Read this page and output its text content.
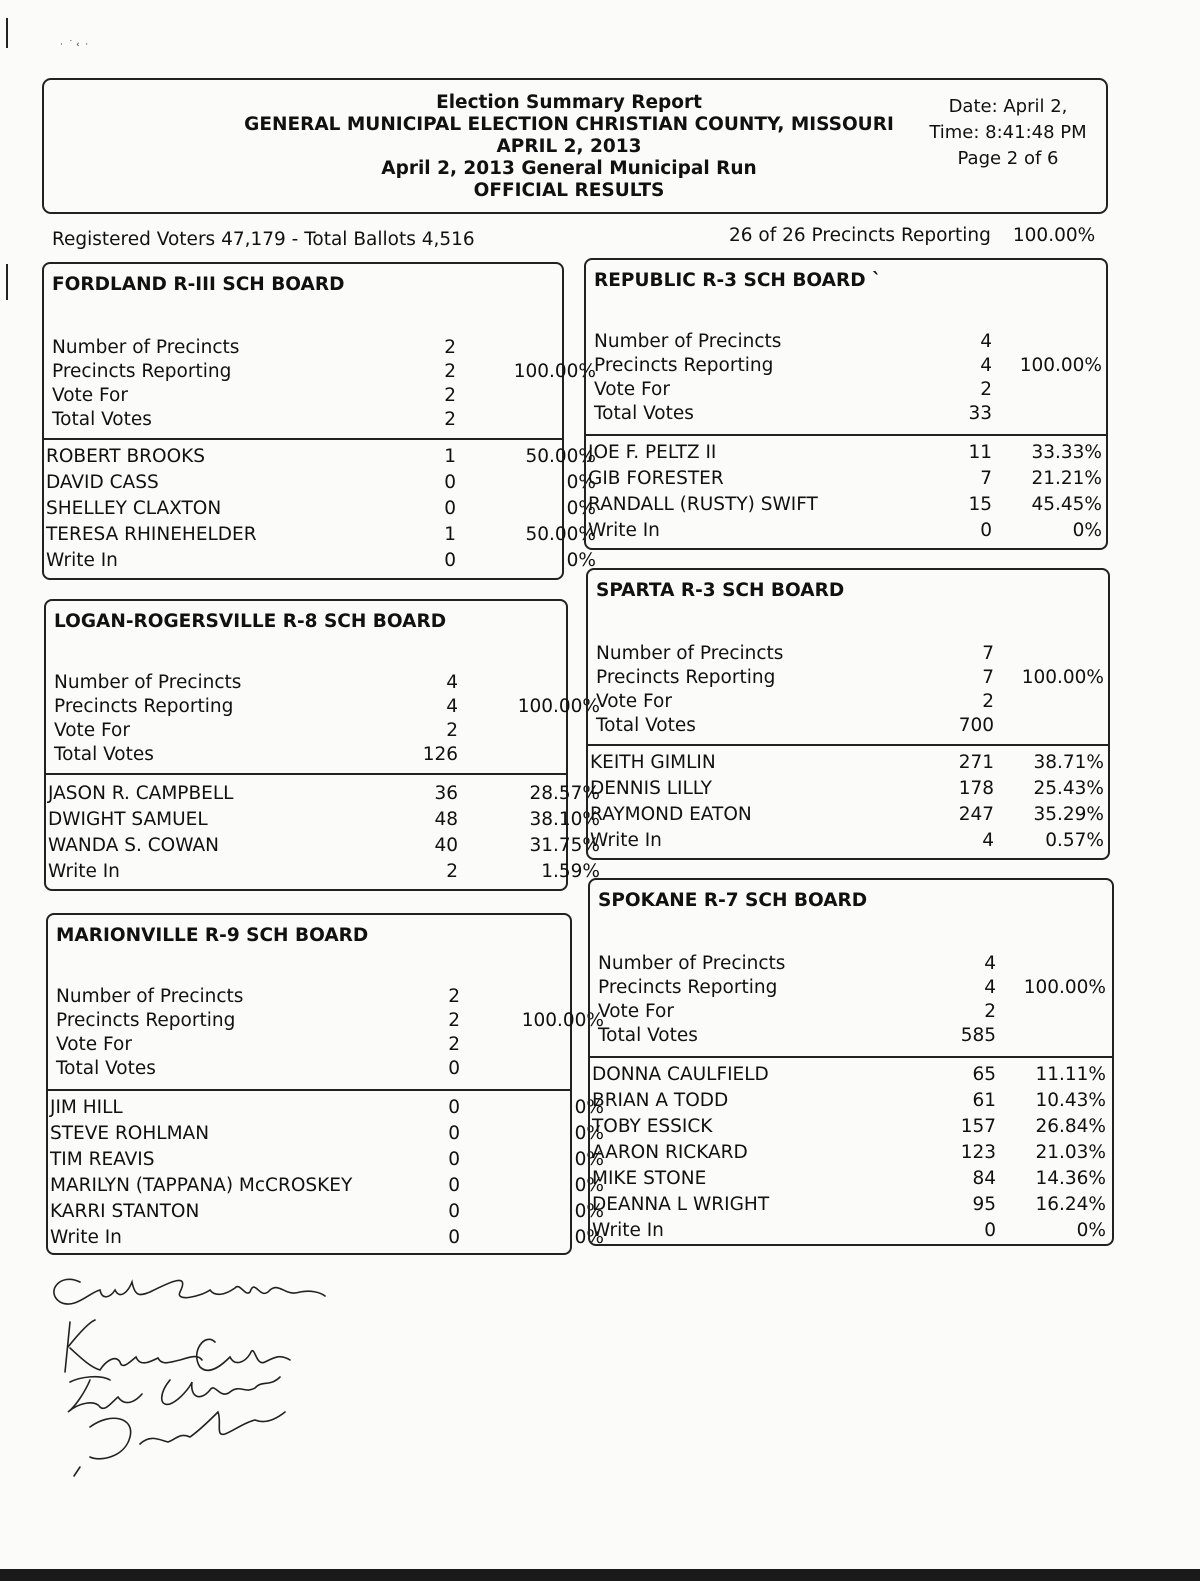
·  ˙ ‹  ·
Election Summary Report
GENERAL MUNICIPAL ELECTION CHRISTIAN COUNTY, MISSOURI
APRIL 2, 2013
April 2, 2013 General Municipal Run
OFFICIAL RESULTS
Date: April 2,
Time: 8:41:48 PM
Page 2 of 6
Registered Voters 47,179 - Total Ballots 4,516	26 of 26 Precincts Reporting 100.00%
FORDLAND R-III SCH BOARD
Number of Precincts	2
Precincts Reporting	2	100.00%
Vote For	2
Total Votes	2
ROBERT BROOKS	1	50.00%
DAVID CASS	0	0%
SHELLEY CLAXTON	0	0%
TERESA RHINEHELDER	1	50.00%
Write In	0	0%
LOGAN-ROGERSVILLE R-8 SCH BOARD
Number of Precincts	4
Precincts Reporting	4	100.00%
Vote For	2
Total Votes	126
JASON R. CAMPBELL	36	28.57%
DWIGHT SAMUEL	48	38.10%
WANDA S. COWAN	40	31.75%
Write In	2	1.59%
MARIONVILLE R-9 SCH BOARD
Number of Precincts	2
Precincts Reporting	2	100.00%
Vote For	2
Total Votes	0
JIM HILL	0	0%
STEVE ROHLMAN	0	0%
TIM REAVIS	0	0%
MARILYN (TAPPANA) McCROSKEY	0	0%
KARRI STANTON	0	0%
Write In	0	0%
REPUBLIC R-3 SCH BOARD `
Number of Precincts	4
Precincts Reporting	4	100.00%
Vote For	2
Total Votes	33
JOE F. PELTZ II	11	33.33%
GIB FORESTER	7	21.21%
RANDALL (RUSTY) SWIFT	15	45.45%
Write In	0	0%
SPARTA R-3 SCH BOARD
Number of Precincts	7
Precincts Reporting	7	100.00%
Vote For	2
Total Votes	700
KEITH GIMLIN	271	38.71%
DENNIS LILLY	178	25.43%
RAYMOND EATON	247	35.29%
Write In	4	0.57%
SPOKANE R-7 SCH BOARD
Number of Precincts	4
Precincts Reporting	4	100.00%
Vote For	2
Total Votes	585
DONNA CAULFIELD	65	11.11%
BRIAN A TODD	61	10.43%
TOBY ESSICK	157	26.84%
AARON RICKARD	123	21.03%
MIKE STONE	84	14.36%
DEANNA L WRIGHT	95	16.24%
Write In	0	0%
